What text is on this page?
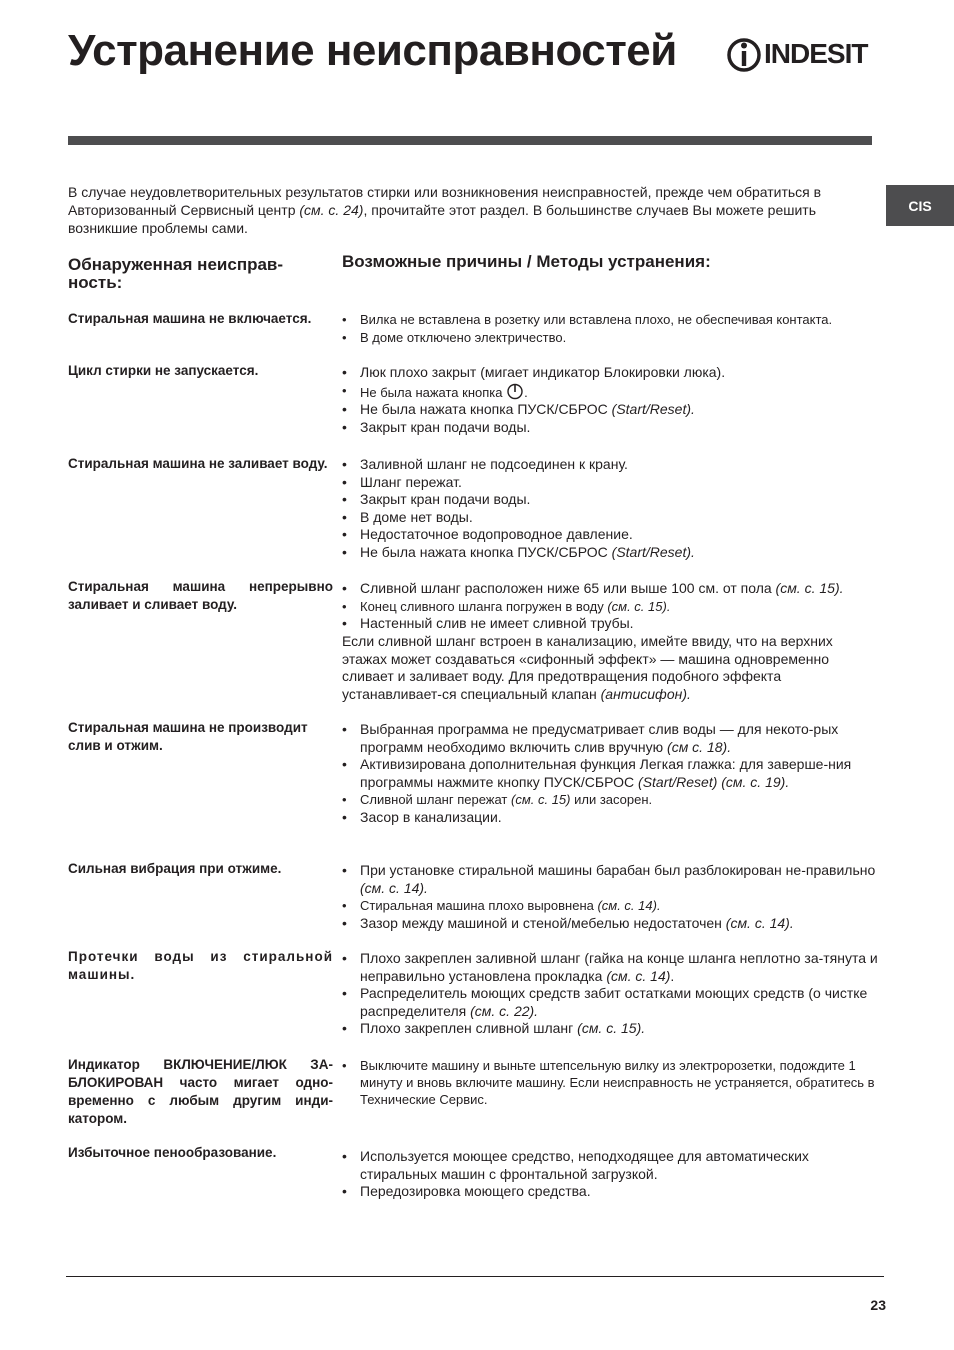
Устранение неисправностей	INDESIT
CIS

В случае неудовлетворительных результатов стирки или возникновения неисправностей, прежде чем обратиться в Авторизованный Сервисный центр (см. с. 24), прочитайте этот раздел. В большинстве случаев Вы можете решить возникшие проблемы сами.

Обнаруженная неисправ-ность:
Возможные причины / Методы устранения:

Стиральная машина не включается.	• Вилка не вставлена в розетку или вставлена плохо, не обеспечивая контакта.
• В доме отключено электричество.

Цикл стирки не запускается.	• Люк плохо закрыт (мигает индикатор Блокировки люка).
• Не была нажата кнопка .
• Не была нажата кнопка ПУСК/СБРОС (Start/Reset).
• Закрыт кран подачи воды.

Стиральная машина не заливает воду.	• Заливной шланг не подсоединен к крану.
• Шланг пережат.
• Закрыт кран подачи воды.
• В доме нет воды.
• Недостаточное водопроводное давление.
• Не была нажата кнопка ПУСК/СБРОС (Start/Reset).

Стиральная машина непрерывно заливает и сливает воду.

• Сливной шланг расположен ниже 65 или выше 100 см. от пола (см. с. 15).
• Конец сливного шланга погружен в воду (см. с. 15).
• Настенный слив не имеет сливной трубы.

Если сливной шланг встроен в канализацию, имейте ввиду, что на верхних этажах может создаваться «сифонный эффект» — машина одновременно сливает и заливает воду. Для предотвращения подобного эффекта устанавливает-ся специальный клапан (антисифон).

Стиральная машина не производит слив и отжим.

• Выбранная программа не предусматривает слив воды — для некото-рых программ необходимо включить слив вручную (см с. 18).
• Активизирована дополнительная функция Легкая глажка: для заверше-ния программы нажмите кнопку ПУСК/СБРОС (Start/Reset) (см. с. 19).
• Сливной шланг пережат (см. с. 15) или засорен.
• Засор в канализации.

Сильная вибрация при отжиме.	• При установке стиральной машины барабан был разблокирован не-правильно (см. с. 14).
• Стиральная машина плохо выровнена (см. с. 14).
• Зазор между машиной и стеной/мебелью недостаточен (см. с. 14).

Протечки воды из стиральной машины.

• Плохо закреплен заливной шланг (гайка на конце шланга неплотно за-тянута и неправильно установлена прокладка (см. с. 14).
• Распределитель моющих средств забит остатками моющих средств (о чистке распределителя (см. с. 22).
• Плохо закреплен сливной шланг (см. с. 15).

Индикатор ВКЛЮЧЕНИЕ/ЛЮК ЗА-БЛОКИРОВАН часто мигает одно-временно с любым другим инди-катором.

• Выключите машину и выньте штепсельную вилку из электророзетки, подождите 1 минуту и вновь включите машину. Если неисправность не устраняется, обратитесь в Технические Сервис.

Избыточное пенообразование.	• Используется моющее средство, неподходящее для автоматических стиральных машин с фронтальной загрузкой.
• Передозировка моющего средства.
23
